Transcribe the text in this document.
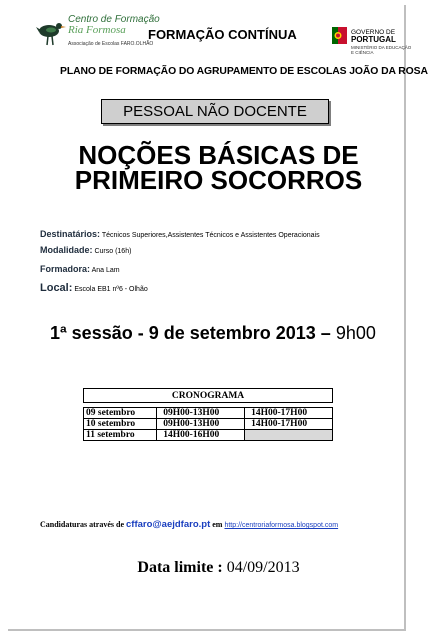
Centro de Formação
Ria Formosa
Associação de Escolas FARO.OLHÃO
FORMAÇÃO CONTÍNUA	GOVERNO DE
PORTUGAL
MINISTÉRIO DA EDUCAÇÃO
E CIÊNCIA
PLANO DE FORMAÇÃO DO AGRUPAMENTO DE ESCOLAS JOÃO DA ROSA
PESSOAL NÃO DOCENTE
NOÇÕES BÁSICAS DE
PRIMEIRO SOCORROS
Destinatários: Técnicos Superiores,Assistentes Técnicos e Assistentes Operacionais
Modalidade: Curso (16h)
Formadora: Ana Lam
Local: Escola EB1 nº6 - Olhão
1ª sessão - 9 de setembro 2013 – 9h00
CRONOGRAMA		

09 setembro	09H00-13H00	14H00-17H00
10 setembro	09H00-13H00	14H00-17H00
11 setembro	14H00-16H00	
Candidaturas através de cffaro@aejdfaro.pt em http://centroriaformosa.blogspot.com
Data limite : 04/09/2013
